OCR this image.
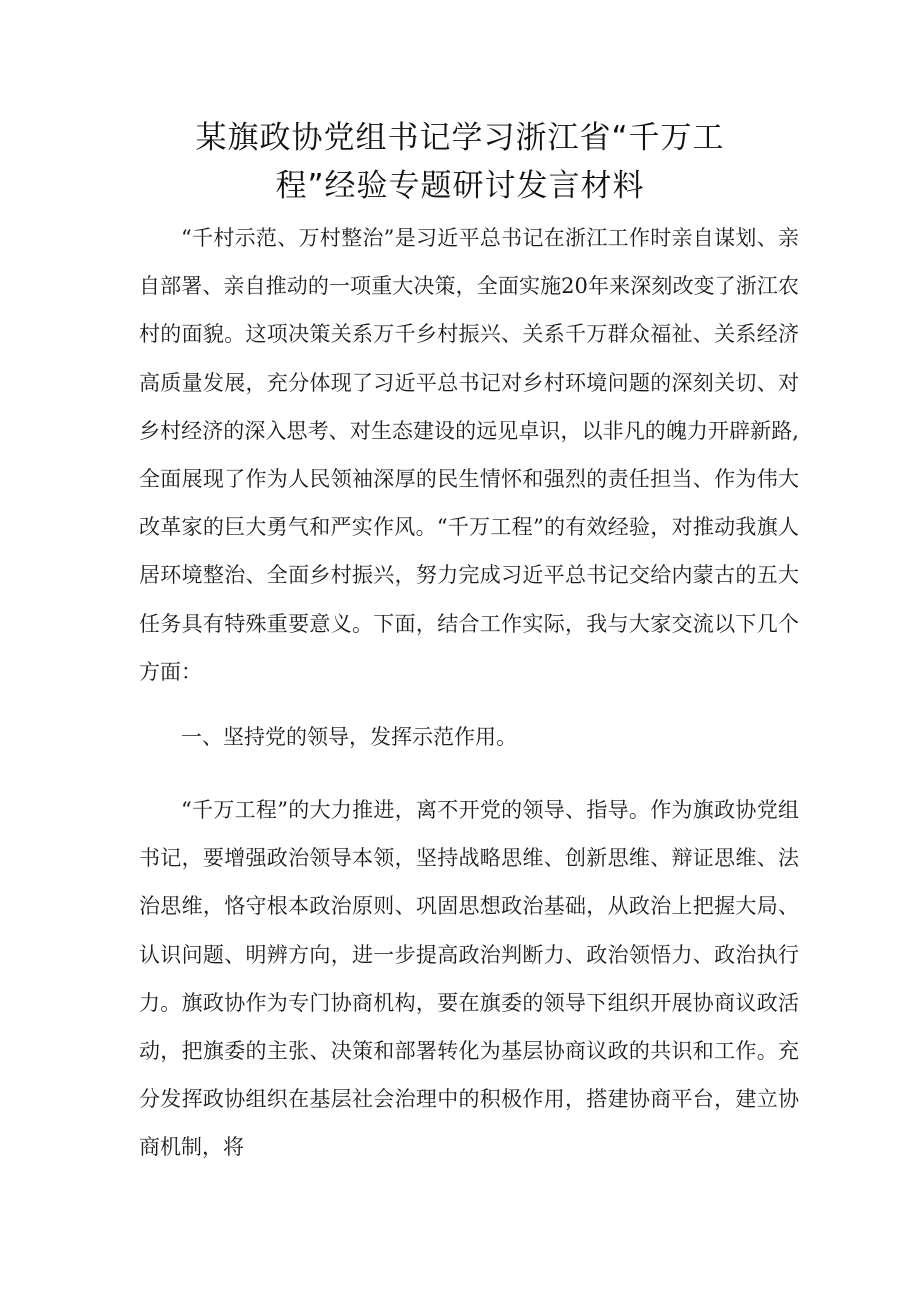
某旗政协党组书记学习浙江省“千万工
程”经验专题研讨发言材料

“千村示范、万村整治”是习近平总书记在浙江工作时亲自谋划、亲自部署、亲自推动的一项重大决策，全面实施20年来深刻改变了浙江农村的面貌。这项决策关系万千乡村振兴、关系千万群众福祉、关系经济高质量发展，充分体现了习近平总书记对乡村环境问题的深刻关切、对乡村经济的深入思考、对生态建设的远见卓识，以非凡的魄力开辟新路,全面展现了作为人民领袖深厚的民生情怀和强烈的责任担当、作为伟大改革家的巨大勇气和严实作风。“千万工程”的有效经验，对推动我旗人居环境整治、全面乡村振兴，努力完成习近平总书记交给内蒙古的五大任务具有特殊重要意义。下面，结合工作实际，我与大家交流以下几个方面：

一、坚持党的领导，发挥示范作用。

“千万工程”的大力推进，离不开党的领导、指导。作为旗政协党组书记，要增强政治领导本领，坚持战略思维、创新思维、辩证思维、法治思维，恪守根本政治原则、巩固思想政治基础，从政治上把握大局、认识问题、明辨方向，进一步提高政治判断力、政治领悟力、政治执行力。旗政协作为专门协商机构，要在旗委的领导下组织开展协商议政活动，把旗委的主张、决策和部署转化为基层协商议政的共识和工作。充分发挥政协组织在基层社会治理中的积极作用，搭建协商平台，建立协商机制，将
